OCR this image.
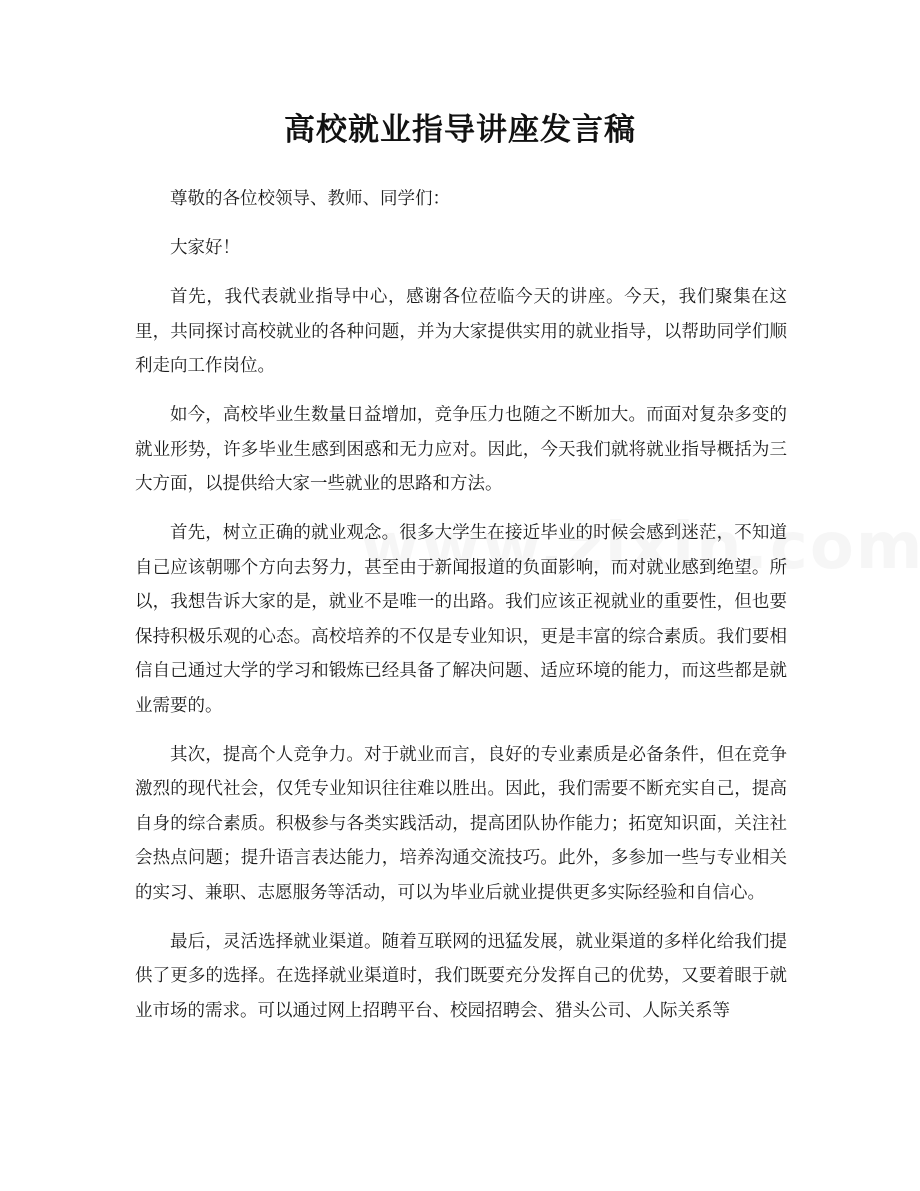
高校就业指导讲座发言稿

尊敬的各位校领导、教师、同学们：

大家好！

首先，我代表就业指导中心，感谢各位莅临今天的讲座。今天，我们聚集在这里，共同探讨高校就业的各种问题，并为大家提供实用的就业指导，以帮助同学们顺利走向工作岗位。

如今，高校毕业生数量日益增加，竞争压力也随之不断加大。而面对复杂多变的就业形势，许多毕业生感到困惑和无力应对。因此，今天我们就将就业指导概括为三大方面，以提供给大家一些就业的思路和方法。

首先，树立正确的就业观念。很多大学生在接近毕业的时候会感到迷茫，不知道自己应该朝哪个方向去努力，甚至由于新闻报道的负面影响，而对就业感到绝望。所以，我想告诉大家的是，就业不是唯一的出路。我们应该正视就业的重要性，但也要保持积极乐观的心态。高校培养的不仅是专业知识，更是丰富的综合素质。我们要相信自己通过大学的学习和锻炼已经具备了解决问题、适应环境的能力，而这些都是就业需要的。

其次，提高个人竞争力。对于就业而言，良好的专业素质是必备条件，但在竞争激烈的现代社会，仅凭专业知识往往难以胜出。因此，我们需要不断充实自己，提高自身的综合素质。积极参与各类实践活动，提高团队协作能力；拓宽知识面，关注社会热点问题；提升语言表达能力，培养沟通交流技巧。此外，多参加一些与专业相关的实习、兼职、志愿服务等活动，可以为毕业后就业提供更多实际经验和自信心。

最后，灵活选择就业渠道。随着互联网的迅猛发展，就业渠道的多样化给我们提供了更多的选择。在选择就业渠道时，我们既要充分发挥自己的优势，又要着眼于就业市场的需求。可以通过网上招聘平台、校园招聘会、猎头公司、人际关系等
